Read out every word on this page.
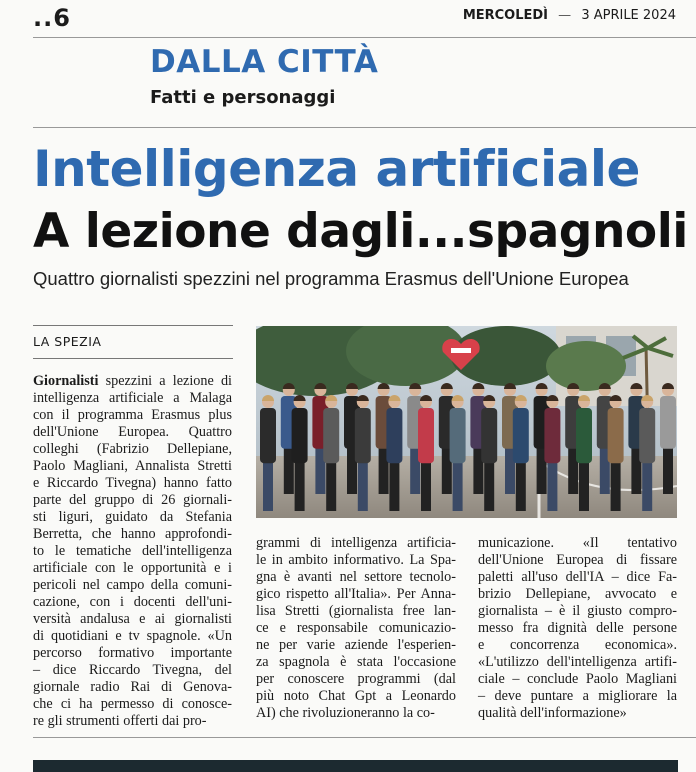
..6	MERCOLEDÌ — 3 APRILE 2024
DALLA CITTÀ
Fatti e personaggi
Intelligenza artificiale
A lezione dagli...spagnoli
Quattro giornalisti spezzini nel programma Erasmus dell'Unione Europea
LA SPEZIA
Giornalisti spezzini a lezione di
intelligenza artificiale a Malaga
con il programma Erasmus plus
dell'Unione Europea. Quattro
colleghi (Fabrizio Dellepiane,
Paolo Magliani, Annalista Stretti
e Riccardo Tivegna) hanno fatto
parte del gruppo di 26 giornali-
sti liguri, guidato da Stefania
Berretta, che hanno approfondi-
to le tematiche dell'intelligenza
artificiale con le opportunità e i
pericoli nel campo della comuni-
cazione, con i docenti dell'uni-
versità andalusa e ai giornalisti
di quotidiani e tv spagnole. «Un
percorso formativo importante
– dice Riccardo Tivegna, del
giornale radio Rai di Genova-
che ci ha permesso di conosce-
re gli strumenti offerti dai pro-
grammi di intelligenza artificia-
le in ambito informativo. La Spa-
gna è avanti nel settore tecnolo-
gico rispetto all'Italia». Per Anna-
lisa Stretti (giornalista free lan-
ce e responsabile comunicazio-
ne per varie aziende l'esperien-
za spagnola è stata l'occasione
per conoscere programmi (dal
più noto Chat Gpt a Leonardo
AI) che rivoluzioneranno la co-
municazione. «Il tentativo
dell'Unione Europea di fissare
paletti all'uso dell'IA – dice Fa-
brizio Dellepiane, avvocato e
giornalista – è il giusto compro-
messo fra dignità delle persone
e concorrenza economica».
«L'utilizzo dell'intelligenza artifi-
ciale – conclude Paolo Magliani
– deve puntare a migliorare la
qualità dell'informazione»
